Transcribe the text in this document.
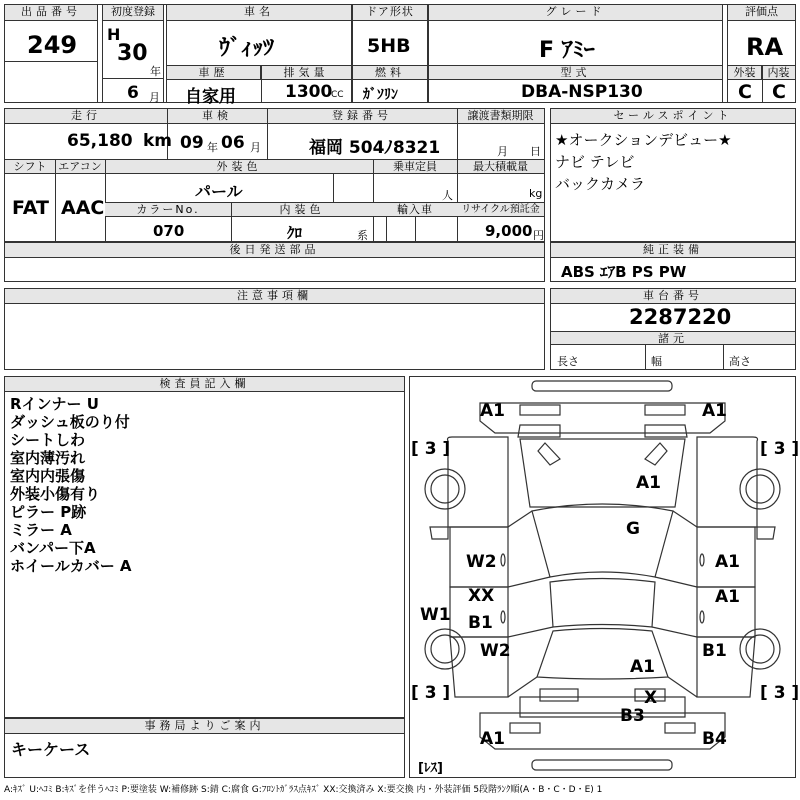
出品番号
249
初度登録
H
30
年
6 月
車名
ｳﾞｨｯﾂ
車歴	排気量
自家用	1300
CC
ドア形状
5HB
燃料
ｶﾞｿﾘﾝ
グレード
F ｱﾐｰ
型式
DBA-NSP130
評価点
RA
外装	内装
C C
走行	車検	登録番号	譲渡書類期限
65,180 km 09 年 06 月	福岡 504ﾉ8321	月 日
シフト	エアコン	外装色	乗車定員	最大積載量
FAT AAC
パール	人	kg
カラーNo.	内装色	輸入車	リサイクル預託金
070	ｸﾛ	系	9,000 円
後日発送部品
注意事項欄
セールスポイント
★オークションデビュー★
ナビ テレビ
バックカメラ
純正装備
ABS ｴｱB PS PW
車台番号
2287220
諸元
長さ	幅	高さ
検査員記入欄
Rインナー U
ダッシュ板のり付
シートしわ
室内薄汚れ
室内内張傷
外装小傷有り
ピラー P跡
ミラー A
バンパー下A
ホイールカバー A
事務局よりご案内
キーケース
A1	A1
[ 3 ]	[ 3 ]
A1
G
W2	A1
XX	A1
W1 B1
W2	B1
A1
[ 3 ]	[ 3 ]
X
B3
A1	B4
[ﾚｽ]
A:ｷｽﾞ U:ﾍｺﾐ B:ｷｽﾞを伴うﾍｺﾐ P:要塗装 W:補修跡 S:錆 C:腐食 G:ﾌﾛﾝﾄｶﾞﾗｽ点ｷｽﾞ XX:交換済み X:要交換 内・外装評価 5段階ﾗﾝｸ順(A・B・C・D・E) 1
